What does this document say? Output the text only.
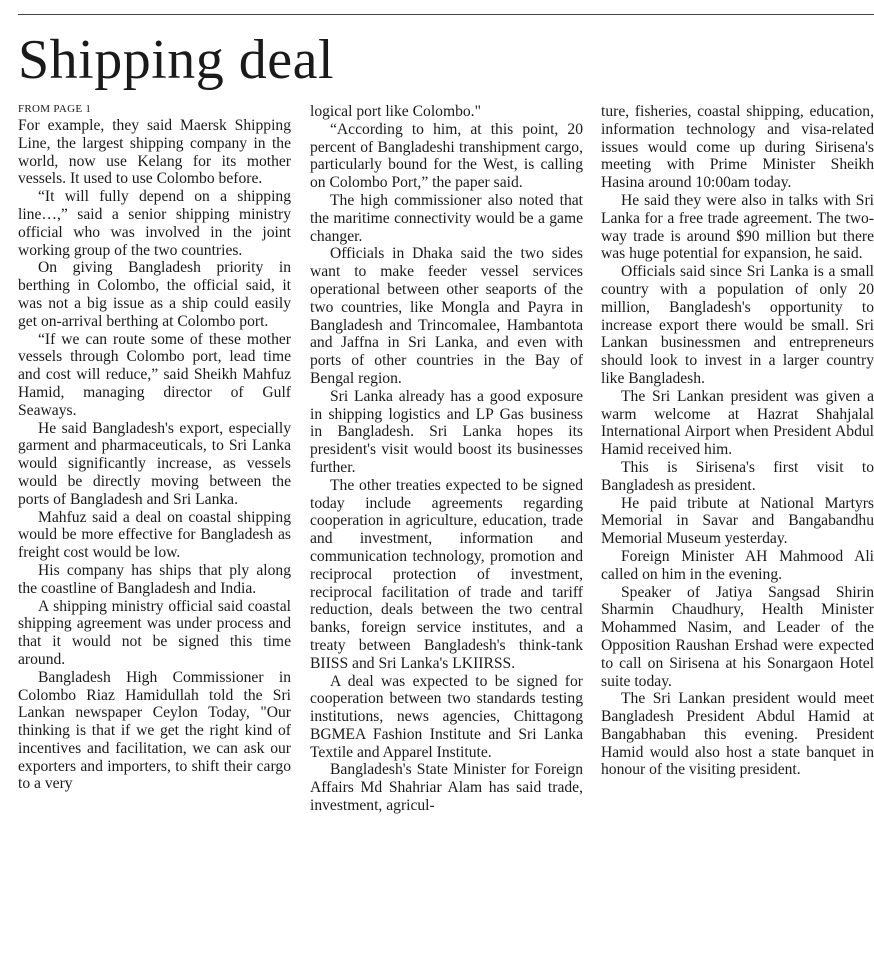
Shipping deal
FROM PAGE 1

For example, they said Maersk Shipping Line, the largest shipping company in the world, now use Kelang for its mother vessels. It used to use Colombo before.

“It will fully depend on a shipping line…,” said a senior shipping ministry official who was involved in the joint working group of the two countries.

On giving Bangladesh priority in berthing in Colombo, the official said, it was not a big issue as a ship could easily get on-arrival berthing at Colombo port.

“If we can route some of these mother vessels through Colombo port, lead time and cost will reduce,” said Sheikh Mahfuz Hamid, managing director of Gulf Seaways.

He said Bangladesh's export, especially garment and pharmaceuticals, to Sri Lanka would significantly increase, as vessels would be directly moving between the ports of Bangladesh and Sri Lanka.

Mahfuz said a deal on coastal shipping would be more effective for Bangladesh as freight cost would be low.

His company has ships that ply along the coastline of Bangladesh and India.

A shipping ministry official said coastal shipping agreement was under process and that it would not be signed this time around.

Bangladesh High Commissioner in Colombo Riaz Hamidullah told the Sri Lankan newspaper Ceylon Today, "Our thinking is that if we get the right kind of incentives and facilitation, we can ask our exporters and importers, to shift their cargo to a very

logical port like Colombo."

“According to him, at this point, 20 percent of Bangladeshi transhipment cargo, particularly bound for the West, is calling on Colombo Port,” the paper said.

The high commissioner also noted that the maritime connectivity would be a game changer.

Officials in Dhaka said the two sides want to make feeder vessel services operational between other seaports of the two countries, like Mongla and Payra in Bangladesh and Trincomalee, Hambantota and Jaffna in Sri Lanka, and even with ports of other countries in the Bay of Bengal region.

Sri Lanka already has a good exposure in shipping logistics and LP Gas business in Bangladesh. Sri Lanka hopes its president's visit would boost its businesses further.

The other treaties expected to be signed today include agreements regarding cooperation in agriculture, education, trade and investment, information and communication technology, promotion and reciprocal protection of investment, reciprocal facilitation of trade and tariff reduction, deals between the two central banks, foreign service institutes, and a treaty between Bangladesh's think-tank BIISS and Sri Lanka's LKIIRSS.

A deal was expected to be signed for cooperation between two standards testing institutions, news agencies, Chittagong BGMEA Fashion Institute and Sri Lanka Textile and Apparel Institute.

Bangladesh's State Minister for Foreign Affairs Md Shahriar Alam has said trade, investment, agricul-

ture, fisheries, coastal shipping, education, information technology and visa-related issues would come up during Sirisena's meeting with Prime Minister Sheikh Hasina around 10:00am today.

He said they were also in talks with Sri Lanka for a free trade agreement. The two-way trade is around $90 million but there was huge potential for expansion, he said.

Officials said since Sri Lanka is a small country with a population of only 20 million, Bangladesh's opportunity to increase export there would be small. Sri Lankan businessmen and entrepreneurs should look to invest in a larger country like Bangladesh.

The Sri Lankan president was given a warm welcome at Hazrat Shahjalal International Airport when President Abdul Hamid received him.

This is Sirisena's first visit to Bangladesh as president.

He paid tribute at National Martyrs Memorial in Savar and Bangabandhu Memorial Museum yesterday.

Foreign Minister AH Mahmood Ali called on him in the evening.

Speaker of Jatiya Sangsad Shirin Sharmin Chaudhury, Health Minister Mohammed Nasim, and Leader of the Opposition Raushan Ershad were expected to call on Sirisena at his Sonargaon Hotel suite today.

The Sri Lankan president would meet Bangladesh President Abdul Hamid at Bangabhaban this evening. President Hamid would also host a state banquet in honour of the visiting president.
